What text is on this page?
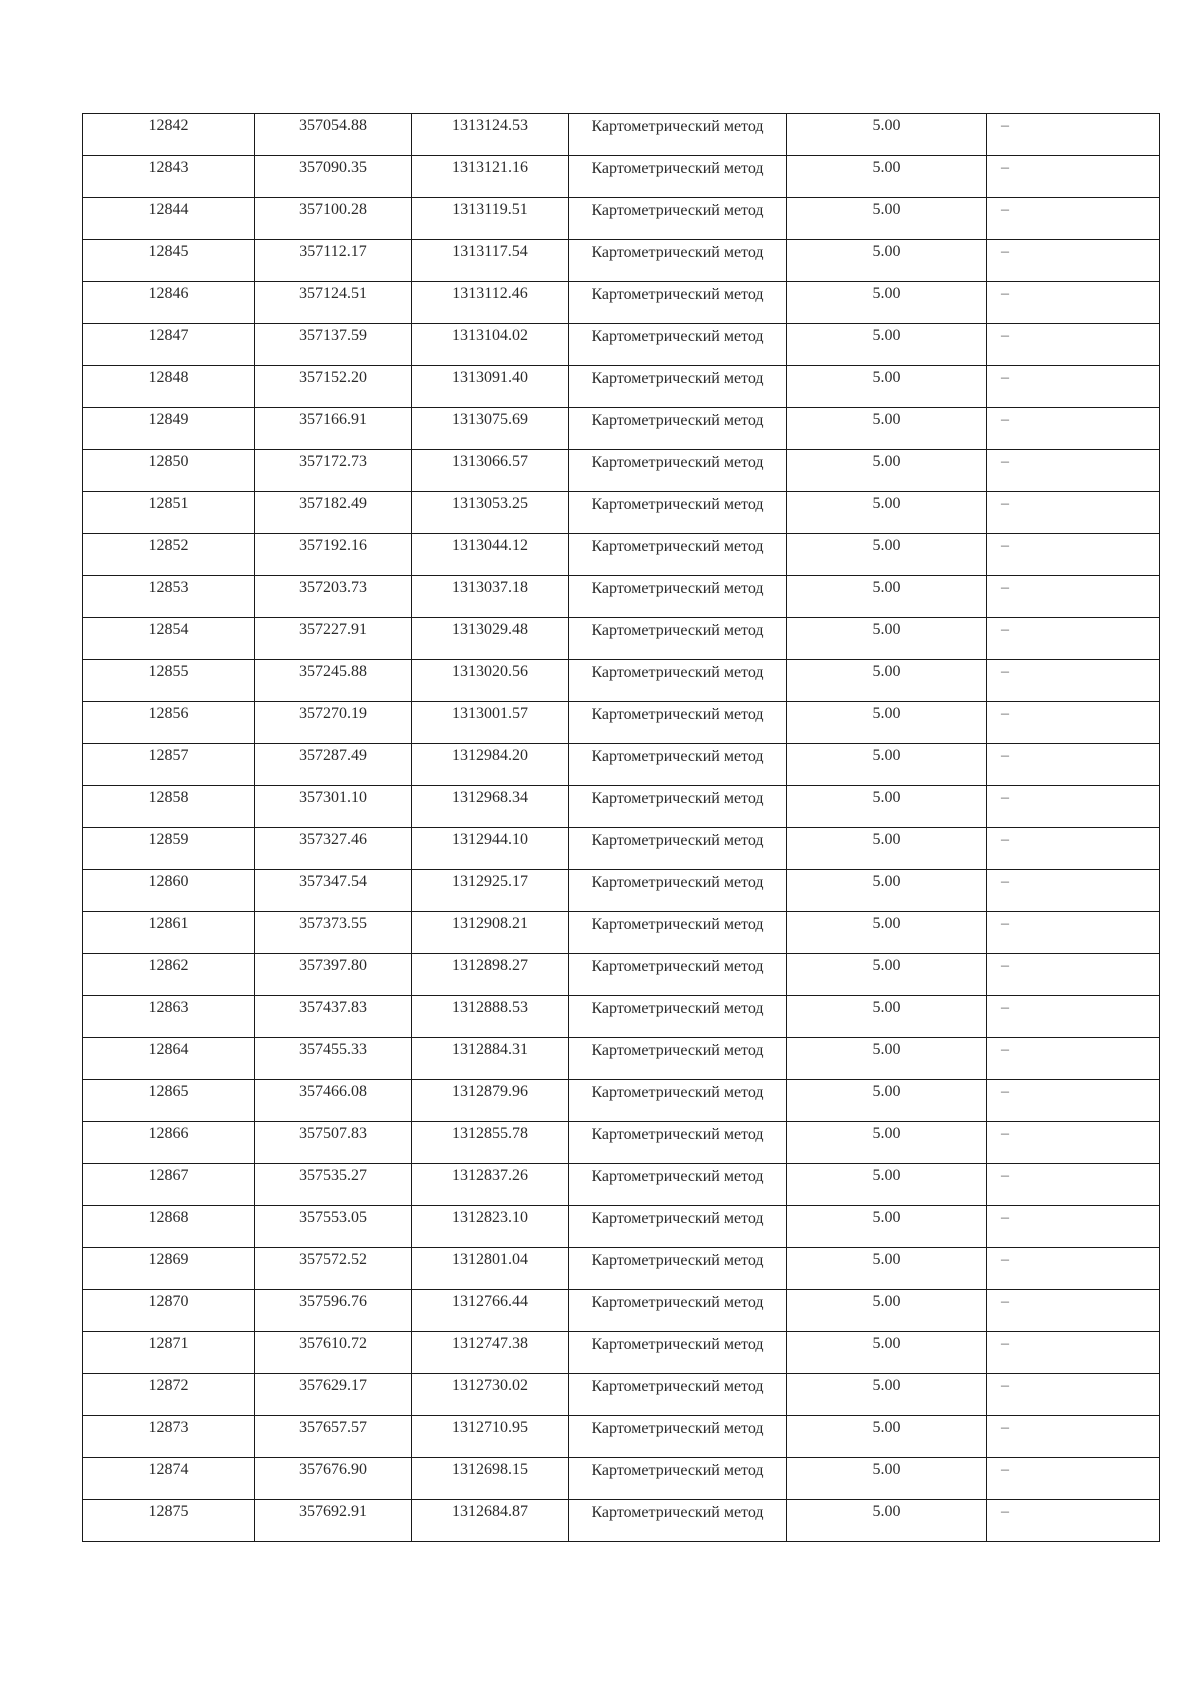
12842	357054.88	1313124.53	Картометрический метод	5.00	–

12843	357090.35	1313121.16	Картометрический метод	5.00	–

12844	357100.28	1313119.51	Картометрический метод	5.00	–

12845	357112.17	1313117.54	Картометрический метод	5.00	–

12846	357124.51	1313112.46	Картометрический метод	5.00	–

12847	357137.59	1313104.02	Картометрический метод	5.00	–

12848	357152.20	1313091.40	Картометрический метод	5.00	–

12849	357166.91	1313075.69	Картометрический метод	5.00	–

12850	357172.73	1313066.57	Картометрический метод	5.00	–

12851	357182.49	1313053.25	Картометрический метод	5.00	–

12852	357192.16	1313044.12	Картометрический метод	5.00	–

12853	357203.73	1313037.18	Картометрический метод	5.00	–

12854	357227.91	1313029.48	Картометрический метод	5.00	–

12855	357245.88	1313020.56	Картометрический метод	5.00	–

12856	357270.19	1313001.57	Картометрический метод	5.00	–

12857	357287.49	1312984.20	Картометрический метод	5.00	–

12858	357301.10	1312968.34	Картометрический метод	5.00	–

12859	357327.46	1312944.10	Картометрический метод	5.00	–

12860	357347.54	1312925.17	Картометрический метод	5.00	–

12861	357373.55	1312908.21	Картометрический метод	5.00	–

12862	357397.80	1312898.27	Картометрический метод	5.00	–

12863	357437.83	1312888.53	Картометрический метод	5.00	–

12864	357455.33	1312884.31	Картометрический метод	5.00	–

12865	357466.08	1312879.96	Картометрический метод	5.00	–

12866	357507.83	1312855.78	Картометрический метод	5.00	–

12867	357535.27	1312837.26	Картометрический метод	5.00	–

12868	357553.05	1312823.10	Картометрический метод	5.00	–

12869	357572.52	1312801.04	Картометрический метод	5.00	–

12870	357596.76	1312766.44	Картометрический метод	5.00	–

12871	357610.72	1312747.38	Картометрический метод	5.00	–

12872	357629.17	1312730.02	Картометрический метод	5.00	–

12873	357657.57	1312710.95	Картометрический метод	5.00	–

12874	357676.90	1312698.15	Картометрический метод	5.00	–

12875	357692.91	1312684.87	Картометрический метод	5.00	–
